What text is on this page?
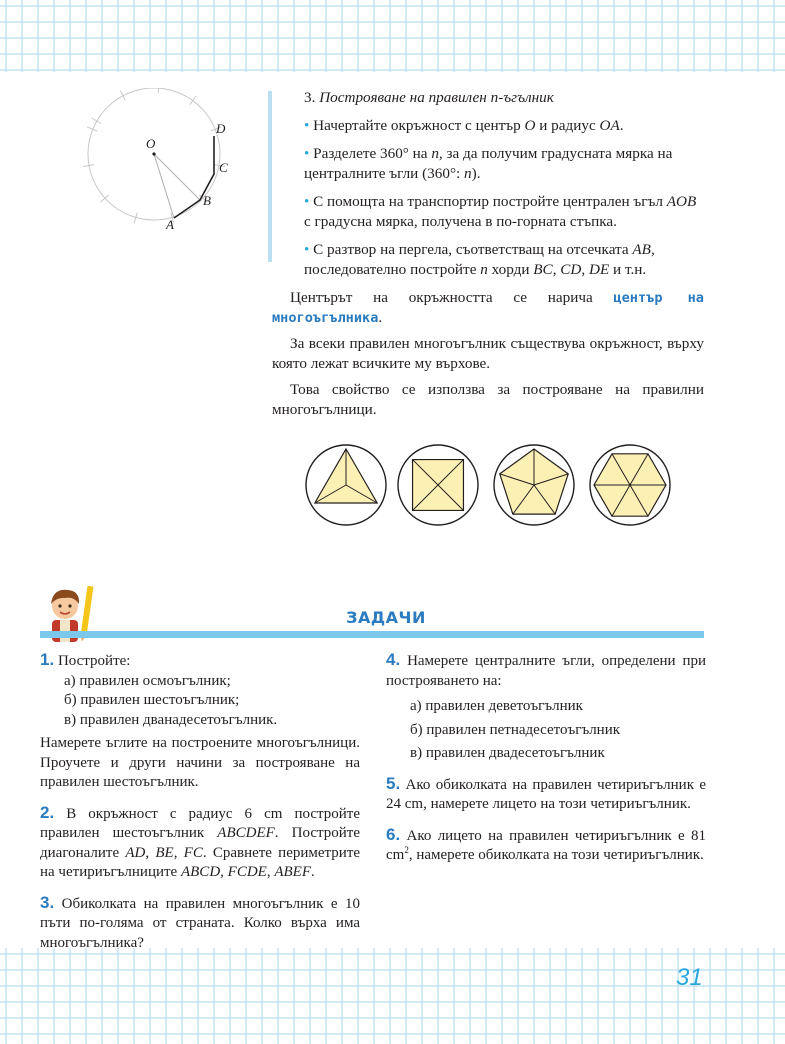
O
A
B
C
D

3. Построяване на правилен n-ъгълник

• Начертайте окръжност с център O и радиус OA.

• Разделете 360° на n, за да получим градусната мярка на централните ъгли (360°: n).

• С помощта на транспортир постройте централен ъгъл AOB с градусна мярка, получена в по-горната стъпка.

• С разтвор на пергела, съответстващ на отсечката AB, последователно постройте n хорди BC, CD, DE и т.н.

Центърът на окръжността се нарича център на многоъгълника.

За всеки правилен многоъгълник съществува окръжност, върху която лежат всичките му върхове.

Това свойство се използва за построяване на правилни многоъгълници.

ЗАДАЧИ

1. Постройте:

а) правилен осмоъгълник;

б) правилен шестоъгълник;

в) правилен дванадесетоъгълник.

Намерете ъглите на построените многоъгълници. Проучете и други начини за построяване на правилен шестоъгълник.

2. В окръжност с радиус 6 cm постройте правилен шестоъгълник ABCDEF. Постройте диагоналите AD, BE, FC. Сравнете периметрите на четириъгълниците ABCD, FCDE, ABEF.

3. Обиколката на правилен многоъгълник е 10 пъти по-голяма от страната. Колко върха има многоъгълника?

4. Намерете централните ъгли, определени при построяването на:

а) правилен деветоъгълник

б) правилен петнадесетоъгълник

в) правилен двадесетоъгълник

5. Ако обиколката на правилен четириъгълник е 24 cm, намерете лицето на този четириъгълник.

6. Ако лицето на правилен четириъгълник е 81 $cm^2$, намерете обиколката на този четириъгълник.

31
